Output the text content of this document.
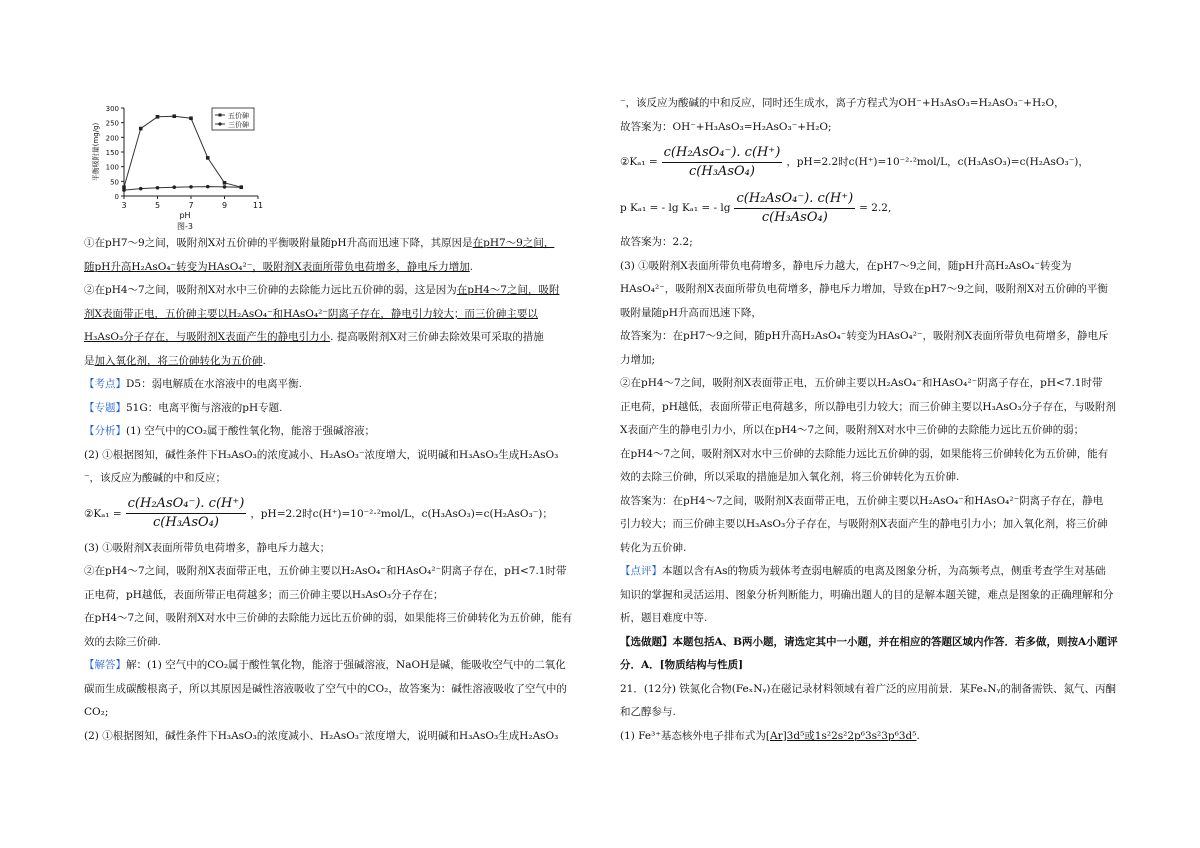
3	5	7	9	11
0
50
100
150
200
250
300
pH
图-3
平衡吸附量(mg/g)
五价砷
三价砷

①在pH7～9之间，吸附剂X对五价砷的平衡吸附量随pH升高而迅速下降，其原因是在pH7～9之间，

随pH升高H₂AsO₄⁻转变为HAsO₄²⁻，吸附剂X表面所带负电荷增多，静电斥力增加.

②在pH4～7之间，吸附剂X对水中三价砷的去除能力远比五价砷的弱，这是因为在pH4～7之间，吸附

剂X表面带正电，五价砷主要以H₂AsO₄⁻和HAsO₄²⁻阴离子存在，静电引力较大；而三价砷主要以

H₃AsO₃分子存在，与吸附剂X表面产生的静电引力小. 提高吸附剂X对三价砷去除效果可采取的措施

是加入氧化剂，将三价砷转化为五价砷.

【考点】D5：弱电解质在水溶液中的电离平衡.

【专题】51G：电离平衡与溶液的pH专题.

【分析】(1) 空气中的CO₂属于酸性氧化物，能溶于强碱溶液；

(2) ①根据图知，碱性条件下H₃AsO₃的浓度减小、H₂AsO₃⁻浓度增大，说明碱和H₃AsO₃生成H₂AsO₃

⁻，该反应为酸碱的中和反应；

②Kₐ₁ = $\frac{\text{c(H₂AsO₄⁻). c(H⁺)}}{\text{c(H₃AsO₄)}}$ ，pH=2.2时c(H⁺)=10⁻²·²mol/L，c(H₃AsO₃)=c(H₂AsO₃⁻)；

(3) ①吸附剂X表面所带负电荷增多，静电斥力越大；

②在pH4～7之间，吸附剂X表面带正电，五价砷主要以H₂AsO₄⁻和HAsO₄²⁻阴离子存在，pH<7.1时带

正电荷，pH越低，表面所带正电荷越多；而三价砷主要以H₃AsO₃分子存在；

在pH4～7之间，吸附剂X对水中三价砷的去除能力远比五价砷的弱，如果能将三价砷转化为五价砷，能有

效的去除三价砷.

【解答】解：(1) 空气中的CO₂属于酸性氧化物，能溶于强碱溶液，NaOH是碱，能吸收空气中的二氧化

碳而生成碳酸根离子，所以其原因是碱性溶液吸收了空气中的CO₂，故答案为：碱性溶液吸收了空气中的

CO₂;

(2) ①根据图知，碱性条件下H₃AsO₃的浓度减小、H₂AsO₃⁻浓度增大，说明碱和H₃AsO₃生成H₂AsO₃

⁻，该反应为酸碱的中和反应，同时还生成水，离子方程式为OH⁻+H₃AsO₃=H₂AsO₃⁻+H₂O，

故答案为：OH⁻+H₃AsO₃=H₂AsO₃⁻+H₂O;

②Kₐ₁ = $\frac{\text{c(H₂AsO₄⁻). c(H⁺)}}{\text{c(H₃AsO₄)}}$ ，pH=2.2时c(H⁺)=10⁻²·²mol/L，c(H₃AsO₃)=c(H₂AsO₃⁻)，

p Kₐ₁ = - lg Kₐ₁ = - $\lg \frac{\text{c(H₂AsO₄⁻). c(H⁺)}}{\text{c(H₃AsO₄)}} = 2.2$,

故答案为：2.2;

(3) ①吸附剂X表面所带负电荷增多，静电斥力越大，在pH7～9之间，随pH升高H₂AsO₄⁻转变为

HAsO₄²⁻，吸附剂X表面所带负电荷增多，静电斥力增加，导致在pH7～9之间，吸附剂X对五价砷的平衡

吸附量随pH升高而迅速下降，

故答案为：在pH7～9之间，随pH升高H₂AsO₄⁻转变为HAsO₄²⁻，吸附剂X表面所带负电荷增多，静电斥

力增加;

②在pH4～7之间，吸附剂X表面带正电，五价砷主要以H₂AsO₄⁻和HAsO₄²⁻阴离子存在，pH<7.1时带

正电荷，pH越低，表面所带正电荷越多，所以静电引力较大；而三价砷主要以H₃AsO₃分子存在，与吸附剂

X表面产生的静电引力小，所以在pH4～7之间，吸附剂X对水中三价砷的去除能力远比五价砷的弱；

在pH4～7之间，吸附剂X对水中三价砷的去除能力远比五价砷的弱，如果能将三价砷转化为五价砷，能有

效的去除三价砷，所以采取的措施是加入氧化剂，将三价砷转化为五价砷.

故答案为：在pH4～7之间，吸附剂X表面带正电，五价砷主要以H₂AsO₄⁻和HAsO₄²⁻阴离子存在，静电

引力较大；而三价砷主要以H₃AsO₃分子存在，与吸附剂X表面产生的静电引力小；加入氧化剂，将三价砷

转化为五价砷.

【点评】本题以含有As的物质为载体考查弱电解质的电离及图象分析，为高频考点，侧重考查学生对基础

知识的掌握和灵活运用、图象分析判断能力，明确出题人的目的是解本题关键，难点是图象的正确理解和分

析，题目难度中等.

【选做题】本题包括A、B两小题，请选定其中一小题，并在相应的答题区域内作答．若多做，则按A小题评

分．A．[物质结构与性质]

21．(12分) 铁氮化合物(FeₓNᵧ)在磁记录材料领域有着广泛的应用前景．某FeₓNᵧ的制备需铁、氮气、丙酮

和乙醇参与.

(1) Fe³⁺基态核外电子排布式为[Ar]3d⁵或1s²2s²2p⁶3s²3p⁶3d⁵.
